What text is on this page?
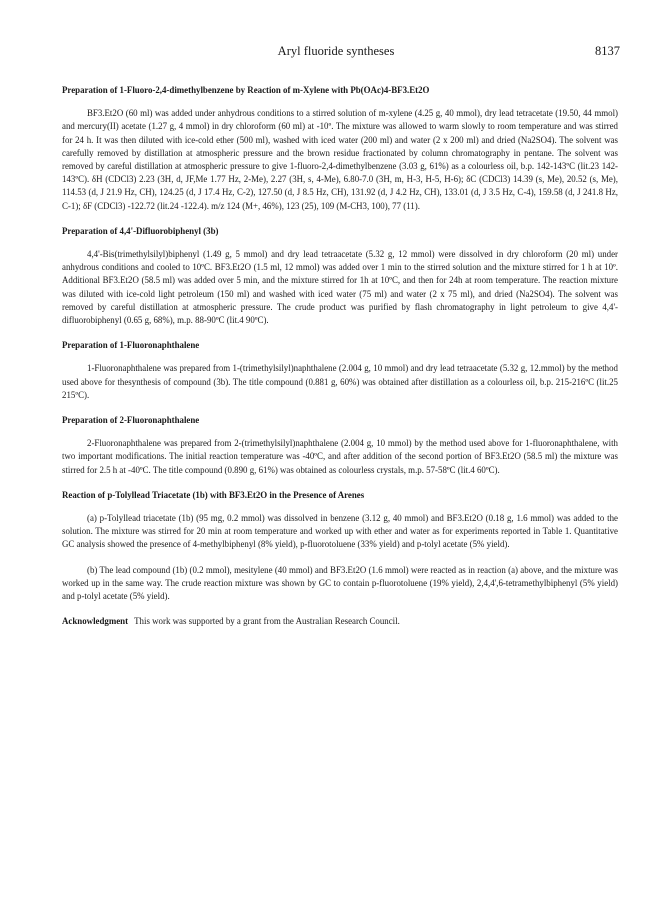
Aryl fluoride syntheses	8137
Preparation of 1-Fluoro-2,4-dimethylbenzene by Reaction of m-Xylene with Pb(OAc)4-BF3.Et2O

BF3.Et2O (60 ml) was added under anhydrous conditions to a stirred solution of m-xylene (4.25 g, 40 mmol), dry lead tetracetate (19.50, 44 mmol) and mercury(II) acetate (1.27 g, 4 mmol) in dry chloroform (60 ml) at -10º. The mixture was allowed to warm slowly to room temperature and was stirred for 24 h. It was then diluted with ice-cold ether (500 ml), washed with iced water (200 ml) and water (2 x 200 ml) and dried (Na2SO4). The solvent was carefully removed by distillation at atmospheric pressure and the brown residue fractionated by column chromatography in pentane. The solvent was removed by careful distillation at atmospheric pressure to give 1-fluoro-2,4-dimethylbenzene (3.03 g, 61%) as a colourless oil, b.p. 142-143ºC (lit.23 142-143ºC). δH (CDCl3) 2.23 (3H, d, JF,Me 1.77 Hz, 2-Me), 2.27 (3H, s, 4-Me), 6.80-7.0 (3H, m, H-3, H-5, H-6); δC (CDCl3) 14.39 (s, Me), 20.52 (s, Me), 114.53 (d, J 21.9 Hz, CH), 124.25 (d, J 17.4 Hz, C-2), 127.50 (d, J 8.5 Hz, CH), 131.92 (d, J 4.2 Hz, CH), 133.01 (d, J 3.5 Hz, C-4), 159.58 (d, J 241.8 Hz, C-1); δF (CDCl3) -122.72 (lit.24 -122.4). m/z 124 (M+, 46%), 123 (25), 109 (M-CH3, 100), 77 (11).

Preparation of 4,4'-Difluorobiphenyl (3b)

4,4'-Bis(trimethylsilyl)biphenyl (1.49 g, 5 mmol) and dry lead tetraacetate (5.32 g, 12 mmol) were dissolved in dry chloroform (20 ml) under anhydrous conditions and cooled to 10ºC. BF3.Et2O (1.5 ml, 12 mmol) was added over 1 min to the stirred solution and the mixture stirred for 1 h at 10º. Additional BF3.Et2O (58.5 ml) was added over 5 min, and the mixture stirred for 1h at 10ºC, and then for 24h at room temperature. The reaction mixture was diluted with ice-cold light petroleum (150 ml) and washed with iced water (75 ml) and water (2 x 75 ml), and dried (Na2SO4). The solvent was removed by careful distillation at atmospheric pressure. The crude product was purified by flash chromatography in light petroleum to give 4,4'-difluorobiphenyl (0.65 g, 68%), m.p. 88-90ºC (lit.4 90ºC).

Preparation of 1-Fluoronaphthalene

1-Fluoronaphthalene was prepared from 1-(trimethylsilyl)naphthalene (2.004 g, 10 mmol) and dry lead tetraacetate (5.32 g, 12.mmol) by the method used above for thesynthesis of compound (3b). The title compound (0.881 g, 60%) was obtained after distillation as a colourless oil, b.p. 215-216ºC (lit.25 215ºC).

Preparation of 2-Fluoronaphthalene

2-Fluoronaphthalene was prepared from 2-(trimethylsilyl)naphthalene (2.004 g, 10 mmol) by the method used above for 1-fluoronaphthalene, with two important modifications. The initial reaction temperature was -40ºC, and after addition of the second portion of BF3.Et2O (58.5 ml) the mixture was stirred for 2.5 h at -40ºC. The title compound (0.890 g, 61%) was obtained as colourless crystals, m.p. 57-58ºC (lit.4 60ºC).

Reaction of p-Tolyllead Triacetate (1b) with BF3.Et2O in the Presence of Arenes

(a) p-Tolyllead triacetate (1b) (95 mg, 0.2 mmol) was dissolved in benzene (3.12 g, 40 mmol) and BF3.Et2O (0.18 g, 1.6 mmol) was added to the solution. The mixture was stirred for 20 min at room temperature and worked up with ether and water as for experiments reported in Table 1. Quantitative GC analysis showed the presence of 4-methylbiphenyl (8% yield), p-fluorotoluene (33% yield) and p-tolyl acetate (5% yield).

(b) The lead compound (1b) (0.2 mmol), mesitylene (40 mmol) and BF3.Et2O (1.6 mmol) were reacted as in reaction (a) above, and the mixture was worked up in the same way. The crude reaction mixture was shown by GC to contain p-fluorotoluene (19% yield), 2,4,4',6-tetramethylbiphenyl (5% yield) and p-tolyl acetate (5% yield).

Acknowledgment This work was supported by a grant from the Australian Research Council.
